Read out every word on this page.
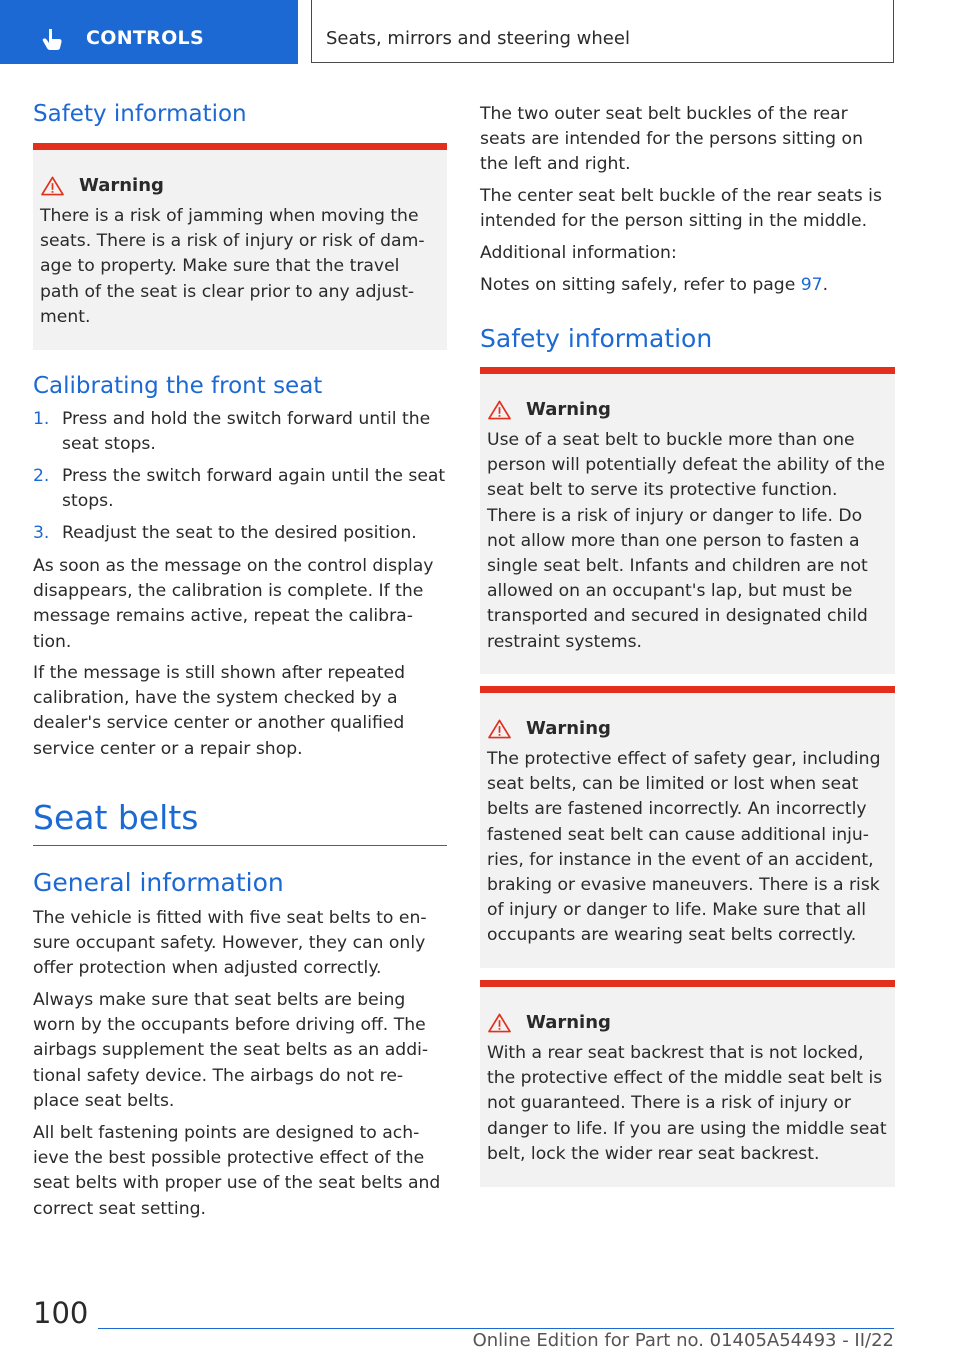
CONTROLS	Seats, mirrors and steering wheel
Safety information
Warning
There is a risk of jamming when moving the seats. There is a risk of injury or risk of dam‐age to property. Make sure that the travel path of the seat is clear prior to any adjust‐ment.
Calibrating the front seat
1. Press and hold the switch forward until the seat stops.
2. Press the switch forward again until the seat stops.
3. Readjust the seat to the desired position.

As soon as the message on the control display disappears, the calibration is complete. If the message remains active, repeat the calibra‐tion.

If the message is still shown after repeated calibration, have the system checked by a dealer's service center or another qualified service center or a repair shop.

Seat belts
General information

The vehicle is fitted with five seat belts to en‐sure occupant safety. However, they can only offer protection when adjusted correctly.

Always make sure that seat belts are being worn by the occupants before driving off. The airbags supplement the seat belts as an addi‐tional safety device. The airbags do not re‐place seat belts.

All belt fastening points are designed to ach‐ieve the best possible protective effect of the seat belts with proper use of the seat belts and correct seat setting.

The two outer seat belt buckles of the rear seats are intended for the persons sitting on the left and right.

The center seat belt buckle of the rear seats is intended for the person sitting in the middle.

Additional information:

Notes on sitting safely, refer to page 97.

Safety information
Warning
Use of a seat belt to buckle more than one person will potentially defeat the ability of the seat belt to serve its protective function. There is a risk of injury or danger to life. Do not allow more than one person to fasten a single seat belt. Infants and children are not allowed on an occupant's lap, but must be transported and secured in designated child restraint systems.
Warning
The protective effect of safety gear, including seat belts, can be limited or lost when seat belts are fastened incorrectly. An incorrectly fastened seat belt can cause additional inju‐ries, for instance in the event of an accident, braking or evasive maneuvers. There is a risk of injury or danger to life. Make sure that all occupants are wearing seat belts correctly.
Warning
With a rear seat backrest that is not locked, the protective effect of the middle seat belt is not guaranteed. There is a risk of injury or danger to life. If you are using the middle seat belt, lock the wider rear seat backrest.
100
Online Edition for Part no. 01405A54493 - II/22
